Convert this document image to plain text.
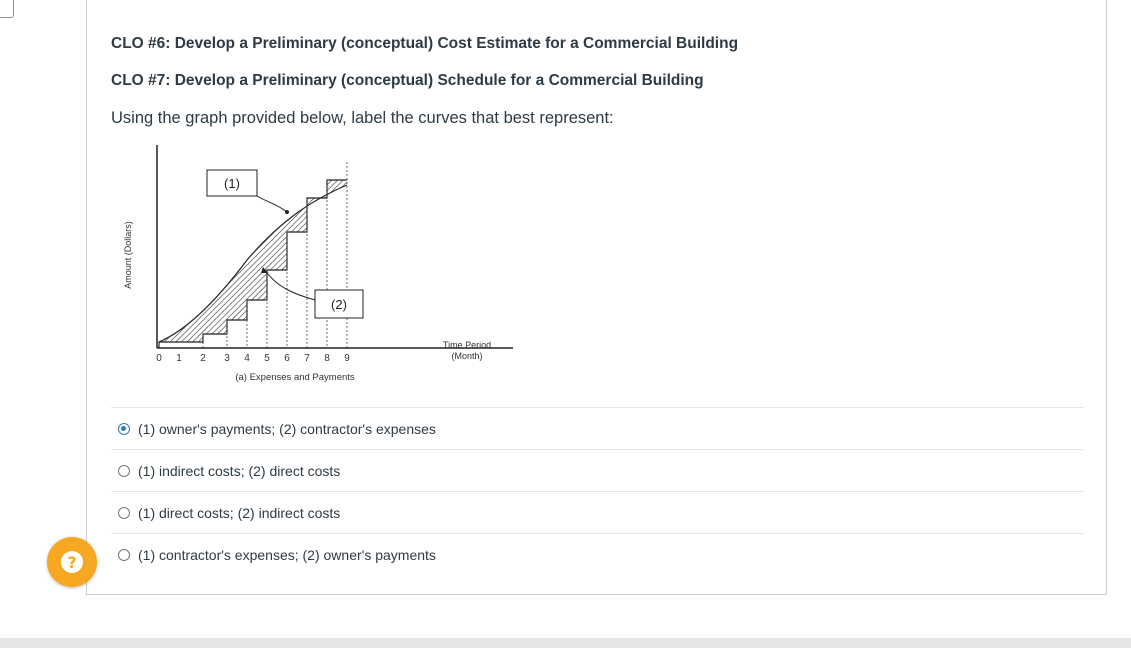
CLO #6: Develop a Preliminary (conceptual) Cost Estimate for a Commercial Building
CLO #7: Develop a Preliminary (conceptual) Schedule for a Commercial Building
Using the graph provided below, label the curves that best represent:
Amount (Dollars)
0 1 2 3 4 5 6 7 8 9
(a) Expenses and Payments
Time Period
(Month)
(1)
(2)
(1) owner's payments; (2) contractor's expenses
(1) indirect costs; (2) direct costs
(1) direct costs; (2) indirect costs
(1) contractor's expenses; (2) owner's payments
?
